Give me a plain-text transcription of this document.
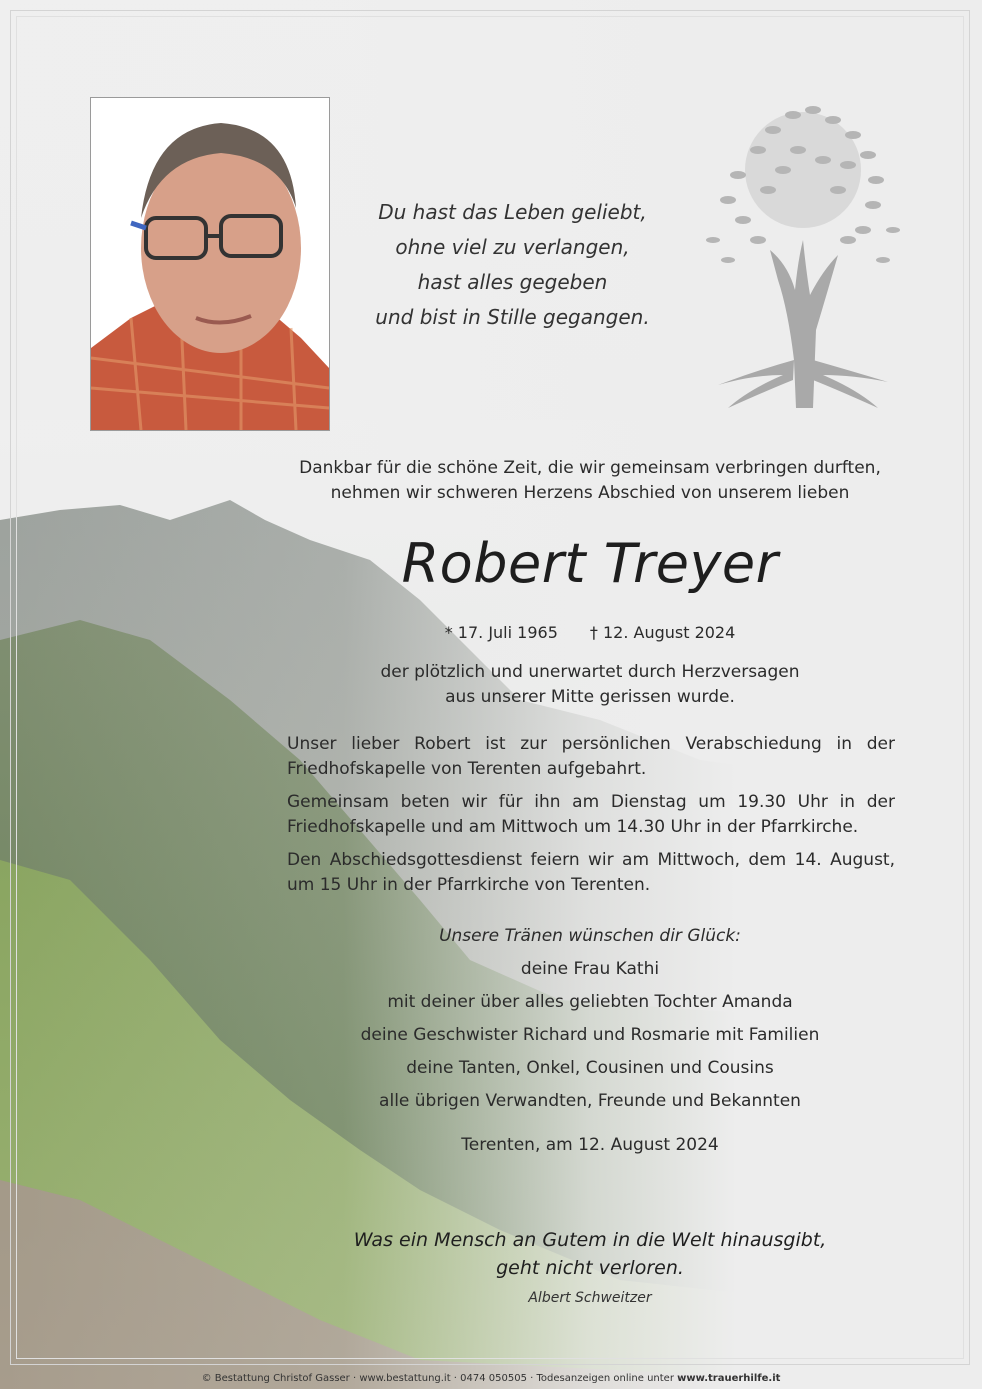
Du hast das Leben geliebt,
ohne viel zu verlangen,
hast alles gegeben
und bist in Stille gegangen.
Dankbar für die schöne Zeit, die wir gemeinsam verbringen durften,
nehmen wir schweren Herzens Abschied von unserem lieben
Robert Treyer
* 17. Juli 1965 † 12. August 2024
der plötzlich und unerwartet durch Herzversagen
aus unserer Mitte gerissen wurde.
Unser lieber Robert ist zur persönlichen Verabschiedung in der Friedhofskapelle von Terenten aufgebahrt.
Gemeinsam beten wir für ihn am Dienstag um 19.30 Uhr in der Friedhofskapelle und am Mittwoch um 14.30 Uhr in der Pfarrkirche.
Den Abschiedsgottesdienst feiern wir am Mittwoch, dem 14. August, um 15 Uhr in der Pfarrkirche von Terenten.
Unsere Tränen wünschen dir Glück:
deine Frau Kathi
mit deiner über alles geliebten Tochter Amanda
deine Geschwister Richard und Rosmarie mit Familien
deine Tanten, Onkel, Cousinen und Cousins
alle übrigen Verwandten, Freunde und Bekannten
Terenten, am 12. August 2024
Was ein Mensch an Gutem in die Welt hinausgibt,
geht nicht verloren.
Albert Schweitzer
© Bestattung Christof Gasser · www.bestattung.it · 0474 050505 · Todesanzeigen online unter www.trauerhilfe.it
